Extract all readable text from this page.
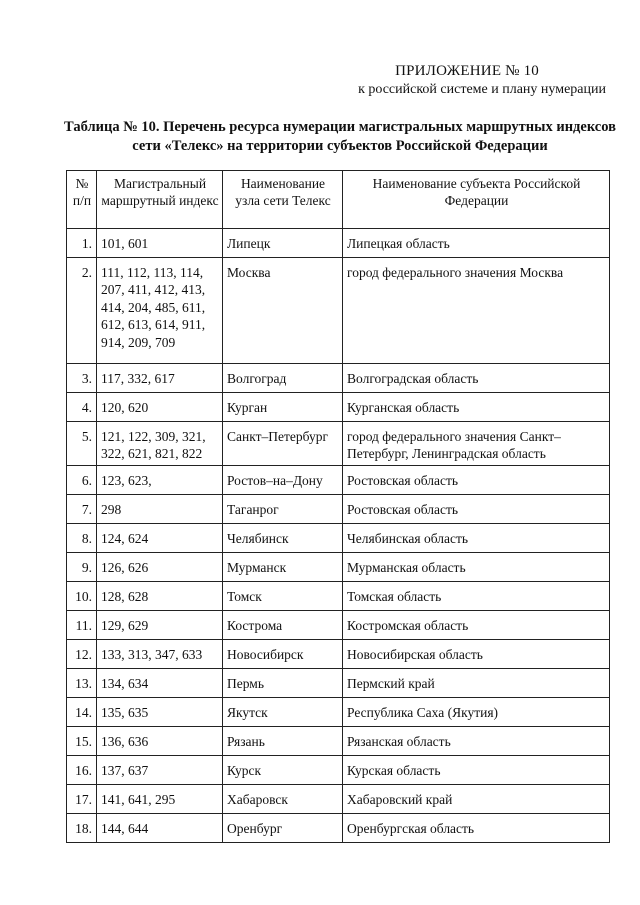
ПРИЛОЖЕНИЕ № 10
к российской системе и плану нумерации
Таблица № 10. Перечень ресурса нумерации магистральных маршрутных индексов сети «Телекс» на территории субъектов Российской Федерации
№ п/п	Магистральный маршрутный индекс	Наименование узла сети Телекс	Наименование субъекта Российской Федерации
1.	101, 601	Липецк	Липецкая область
2.	111, 112, 113, 114, 207, 411, 412, 413, 414, 204, 485, 611, 612, 613, 614, 911, 914, 209, 709	Москва	город федерального значения Москва
3.	117, 332, 617	Волгоград	Волгоградская область
4.	120, 620	Курган	Курганская область
5.	121, 122, 309, 321, 322, 621, 821, 822	Санкт–Петербург	город федерального значения Санкт–Петербург, Ленинградская область
6.	123, 623,	Ростов–на–Дону	Ростовская область
7.	298	Таганрог	Ростовская область
8.	124, 624	Челябинск	Челябинская область
9.	126, 626	Мурманск	Мурманская область
10.	128, 628	Томск	Томская область
11.	129, 629	Кострома	Костромская область
12.	133, 313, 347, 633	Новосибирск	Новосибирская область
13.	134, 634	Пермь	Пермский край
14.	135, 635	Якутск	Республика Саха (Якутия)
15.	136, 636	Рязань	Рязанская область
16.	137, 637	Курск	Курская область
17.	141, 641, 295	Хабаровск	Хабаровский край
18.	144, 644	Оренбург	Оренбургская область
